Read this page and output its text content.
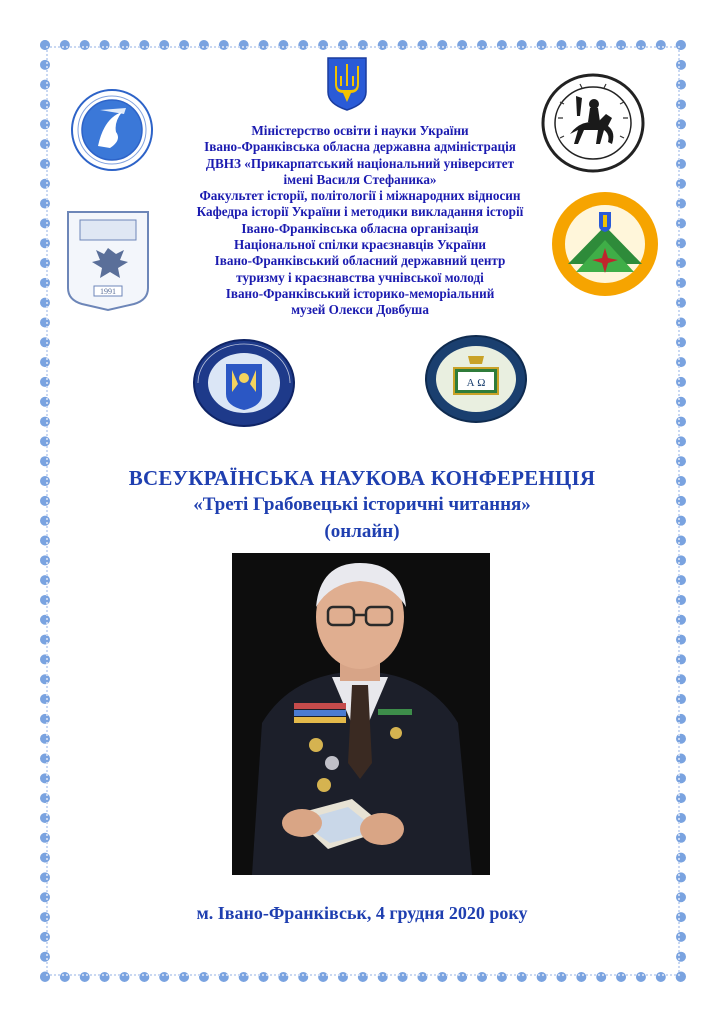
1991
А Ω
Міністерство освіти і науки України
Івано-Франківська обласна державна адміністрація
ДВНЗ «Прикарпатський національний університет
імені Василя Стефаника»
Факультет історії, політології і міжнародних відносин
Кафедра історії України і методики викладання історії
Івано-Франківська обласна організація
Національної спілки краєзнавців України
Івано-Франківський обласний державний центр
туризму і краєзнавства учнівської молоді
Івано-Франківський історико-меморіальний
музей Олекси Довбуша
ВСЕУКРАЇНСЬКА НАУКОВА КОНФЕРЕНЦІЯ
«Треті Грабовецькі історичні читання»
(онлайн)
м. Івано-Франківськ, 4 грудня 2020 року
